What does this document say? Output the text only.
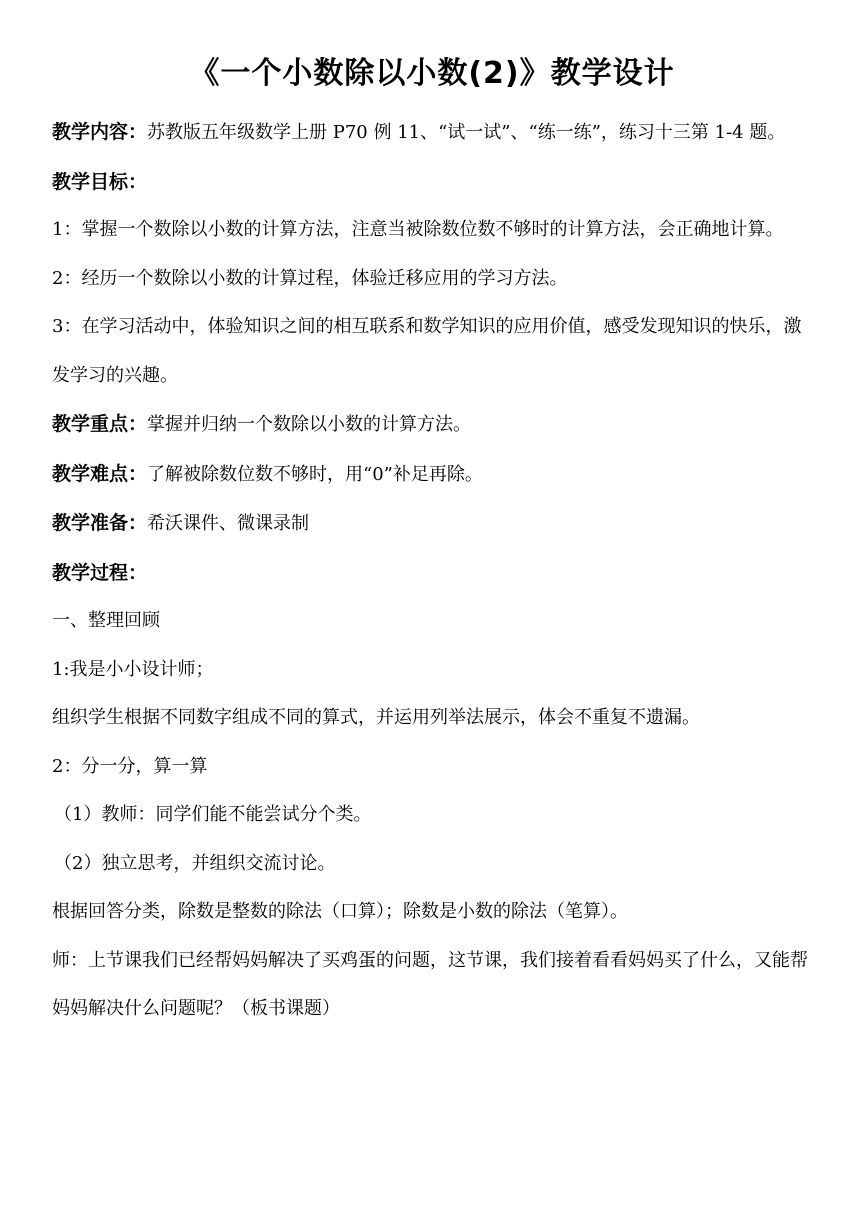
《一个小数除以小数(2)》教学设计

教学内容：苏教版五年级数学上册 P70 例 11、“试一试”、“练一练”，练习十三第 1-4 题。

教学目标：

1：掌握一个数除以小数的计算方法，注意当被除数位数不够时的计算方法，会正确地计算。

2：经历一个数除以小数的计算过程，体验迁移应用的学习方法。

3：在学习活动中，体验知识之间的相互联系和数学知识的应用价值，感受发现知识的快乐，激发学习的兴趣。

教学重点：掌握并归纳一个数除以小数的计算方法。

教学难点：了解被除数位数不够时，用“0”补足再除。

教学准备：希沃课件、微课录制

教学过程：

一、整理回顾

1:我是小小设计师；

组织学生根据不同数字组成不同的算式，并运用列举法展示，体会不重复不遗漏。

2：分一分，算一算

（1）教师：同学们能不能尝试分个类。

（2）独立思考，并组织交流讨论。

根据回答分类，除数是整数的除法（口算）；除数是小数的除法（笔算）。

师：上节课我们已经帮妈妈解决了买鸡蛋的问题，这节课，我们接着看看妈妈买了什么，又能帮妈妈解决什么问题呢？（板书课题）
